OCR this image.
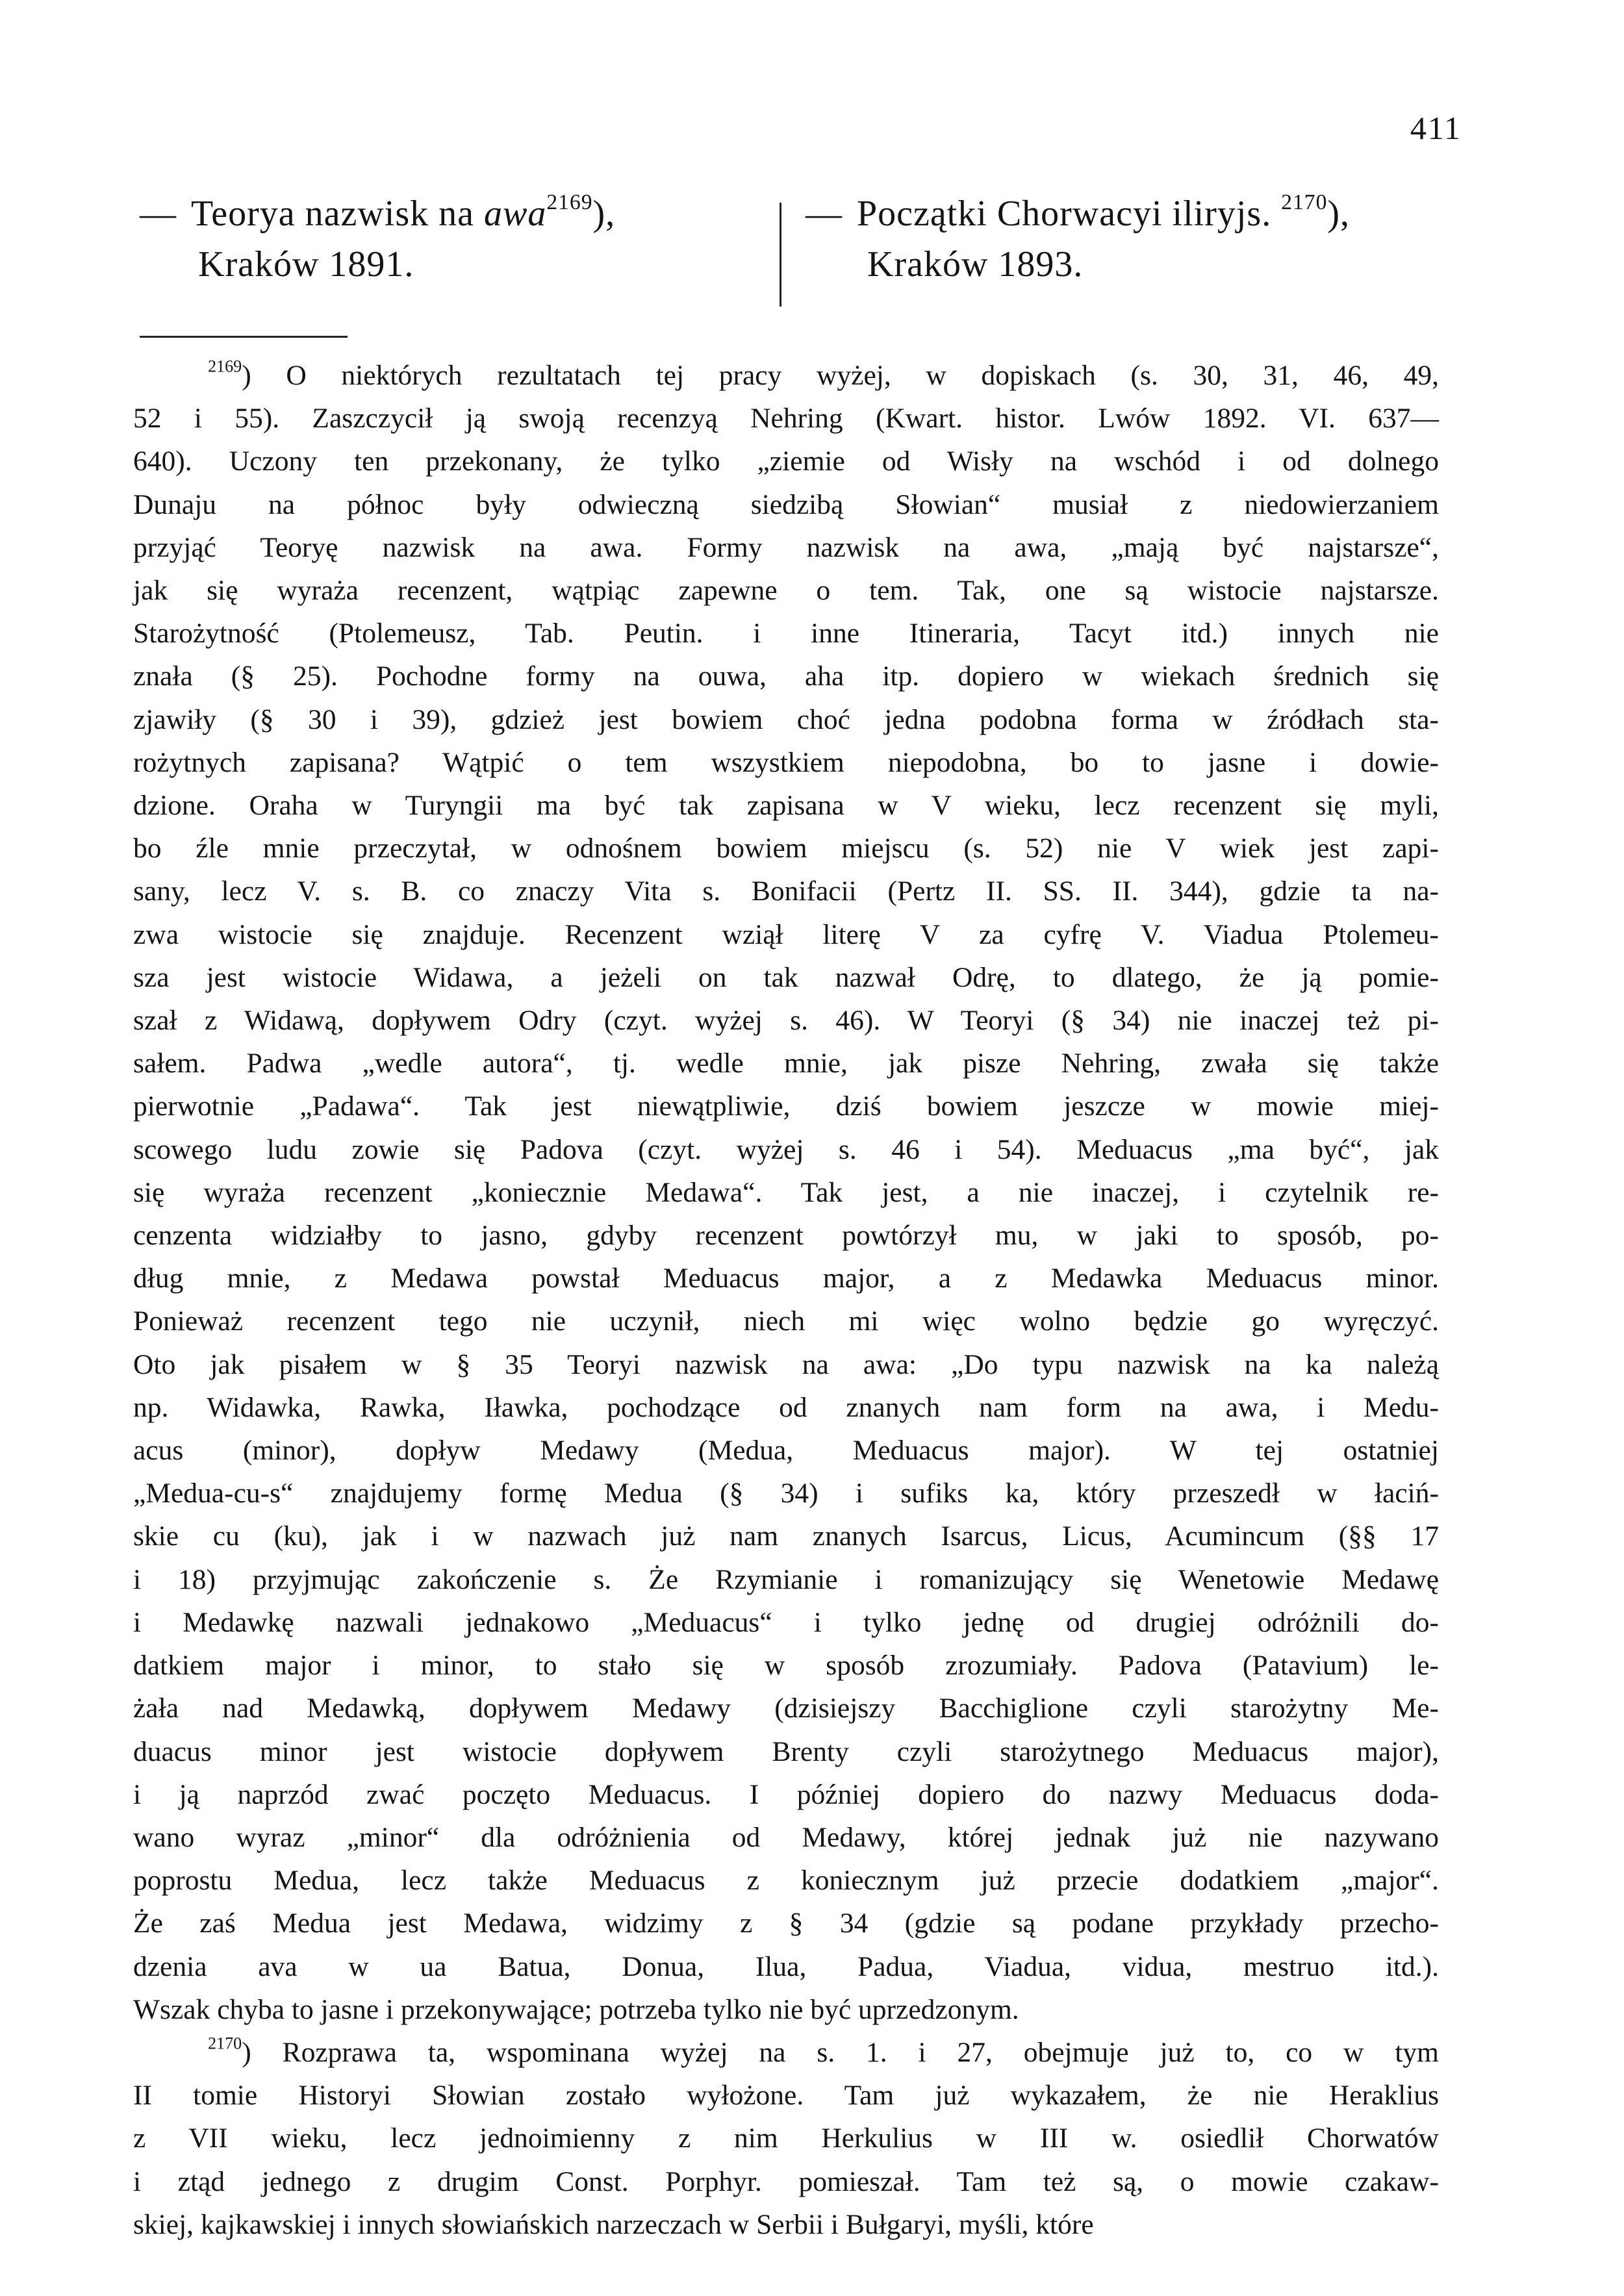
411
— Teorya nazwisk na awa$^{2169}$),
Kraków 1891.
— Początki Chorwacyi iliryjs. $^{2170}$),
Kraków 1893.
$^{2169}$) O niektórych rezultatach tej pracy wyżej, w dopiskach (s. 30, 31, 46, 49,
52 i 55). Zaszczycił ją swoją recenzyą Nehring (Kwart. histor. Lwów 1892. VI. 637—
640). Uczony ten przekonany, że tylko „ziemie od Wisły na wschód i od dolnego
Dunaju na północ były odwieczną siedzibą Słowian“ musiał z niedowierzaniem
przyjąć Teoryę nazwisk na awa. Formy nazwisk na awa, „mają być najstarsze“,
jak się wyraża recenzent, wątpiąc zapewne o tem. Tak, one są wistocie najstarsze.
Starożytność (Ptolemeusz, Tab. Peutin. i inne Itineraria, Tacyt itd.) innych nie
znała (§ 25). Pochodne formy na ouwa, aha itp. dopiero w wiekach średnich się
zjawiły (§ 30 i 39), gdzież jest bowiem choć jedna podobna forma w źródłach sta-
rożytnych zapisana? Wątpić o tem wszystkiem niepodobna, bo to jasne i dowie-
dzione. Oraha w Turyngii ma być tak zapisana w V wieku, lecz recenzent się myli,
bo źle mnie przeczytał, w odnośnem bowiem miejscu (s. 52) nie V wiek jest zapi-
sany, lecz V. s. B. co znaczy Vita s. Bonifacii (Pertz II. SS. II. 344), gdzie ta na-
zwa wistocie się znajduje. Recenzent wziął literę V za cyfrę V. Viadua Ptolemeu-
sza jest wistocie Widawa, a jeżeli on tak nazwał Odrę, to dlatego, że ją pomie-
szał z Widawą, dopływem Odry (czyt. wyżej s. 46). W Teoryi (§ 34) nie inaczej też pi-
sałem. Padwa „wedle autora“, tj. wedle mnie, jak pisze Nehring, zwała się także
pierwotnie „Padawa“. Tak jest niewątpliwie, dziś bowiem jeszcze w mowie miej-
scowego ludu zowie się Padova (czyt. wyżej s. 46 i 54). Meduacus „ma być“, jak
się wyraża recenzent „koniecznie Medawa“. Tak jest, a nie inaczej, i czytelnik re-
cenzenta widziałby to jasno, gdyby recenzent powtórzył mu, w jaki to sposób, po-
dług mnie, z Medawa powstał Meduacus major, a z Medawka Meduacus minor.
Ponieważ recenzent tego nie uczynił, niech mi więc wolno będzie go wyręczyć.
Oto jak pisałem w § 35 Teoryi nazwisk na awa: „Do typu nazwisk na ka należą
np. Widawka, Rawka, Iławka, pochodzące od znanych nam form na awa, i Medu-
acus (minor), dopływ Medawy (Medua, Meduacus major). W tej ostatniej
„Medua-cu-s“ znajdujemy formę Medua (§ 34) i sufiks ka, który przeszedł w łaciń-
skie cu (ku), jak i w nazwach już nam znanych Isarcus, Licus, Acumincum (§§ 17
i 18) przyjmując zakończenie s. Że Rzymianie i romanizujący się Wenetowie Medawę
i Medawkę nazwali jednakowo „Meduacus“ i tylko jednę od drugiej odróżnili do-
datkiem major i minor, to stało się w sposób zrozumiały. Padova (Patavium) le-
żała nad Medawką, dopływem Medawy (dzisiejszy Bacchiglione czyli starożytny Me-
duacus minor jest wistocie dopływem Brenty czyli starożytnego Meduacus major),
i ją naprzód zwać poczęto Meduacus. I później dopiero do nazwy Meduacus doda-
wano wyraz „minor“ dla odróżnienia od Medawy, której jednak już nie nazywano
poprostu Medua, lecz także Meduacus z koniecznym już przecie dodatkiem „major“.
Że zaś Medua jest Medawa, widzimy z § 34 (gdzie są podane przykłady przecho-
dzenia ava w ua Batua, Donua, Ilua, Padua, Viadua, vidua, mestruo itd.).
Wszak chyba to jasne i przekonywające; potrzeba tylko nie być uprzedzonym.
$^{2170}$) Rozprawa ta, wspominana wyżej na s. 1. i 27, obejmuje już to, co w tym
II tomie Historyi Słowian zostało wyłożone. Tam już wykazałem, że nie Heraklius
z VII wieku, lecz jednoimienny z nim Herkulius w III w. osiedlił Chorwatów
i ztąd jednego z drugim Const. Porphyr. pomieszał. Tam też są, o mowie czakaw-
skiej, kajkawskiej i innych słowiańskich narzeczach w Serbii i Bułgaryi, myśli, które
